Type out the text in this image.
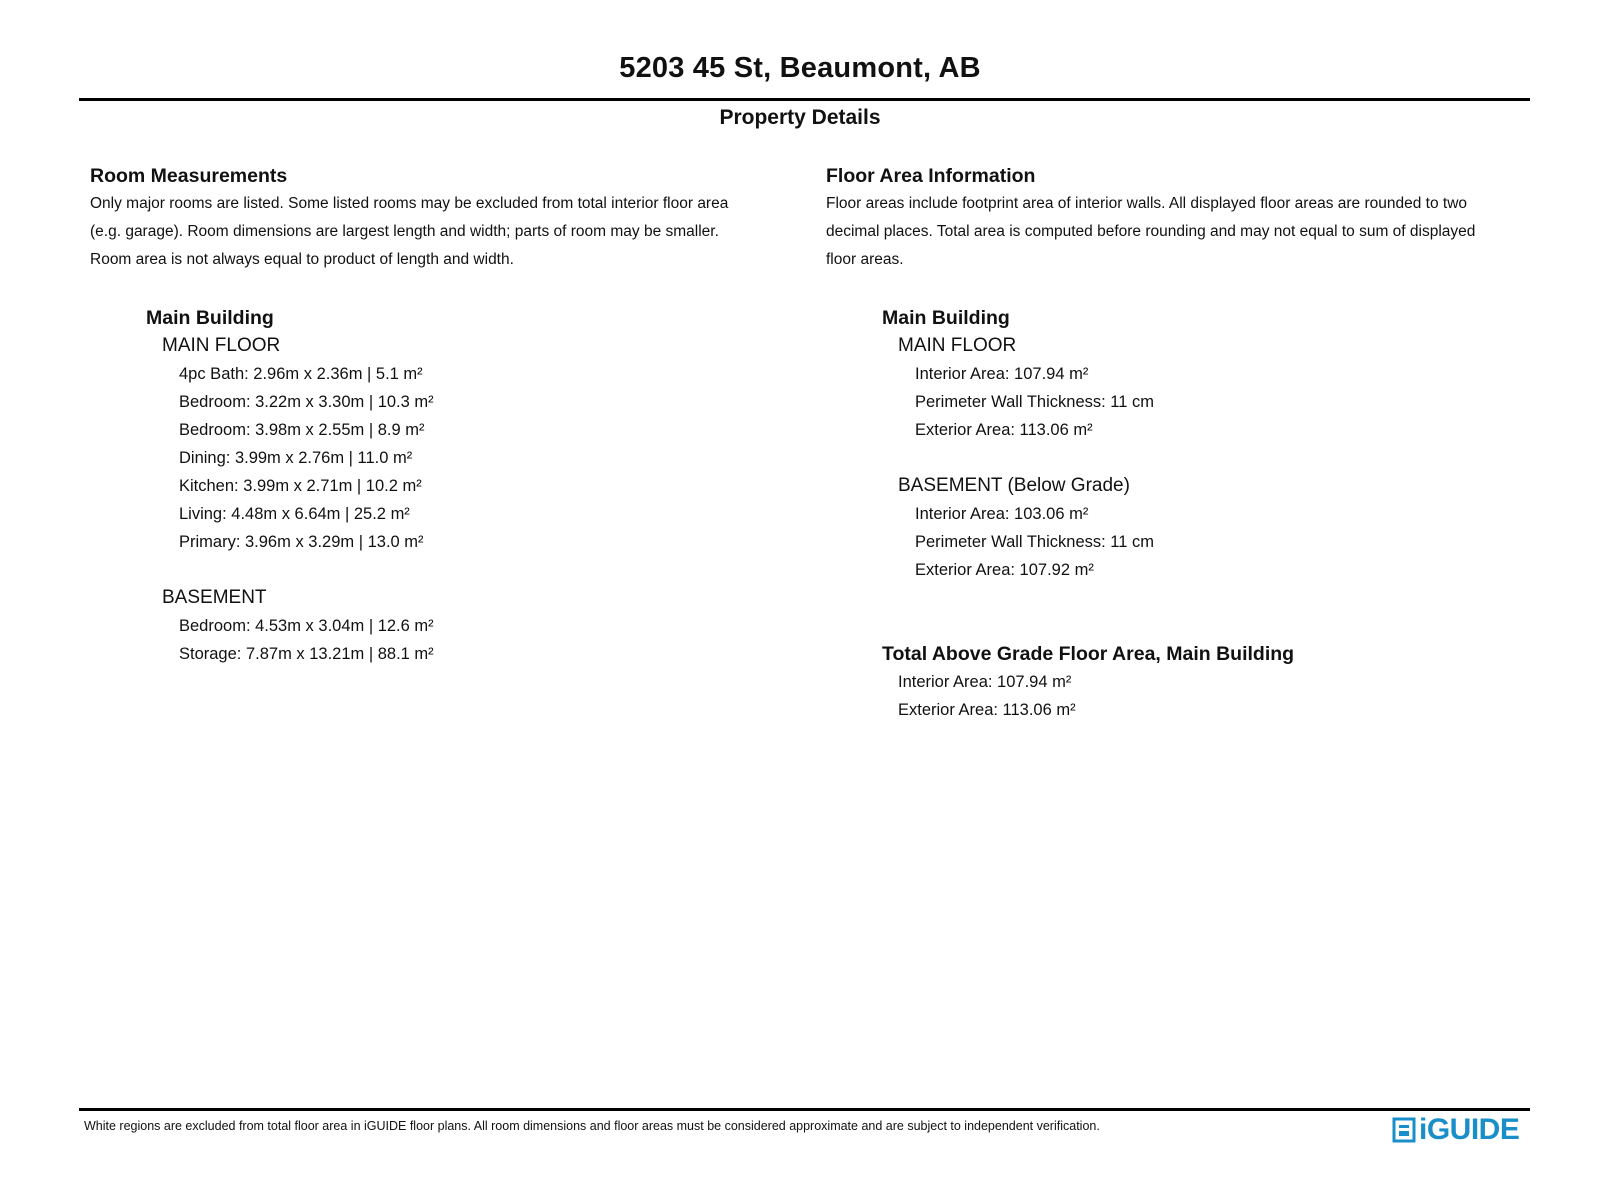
5203 45 St, Beaumont, AB
Property Details
Room Measurements

Only major rooms are listed. Some listed rooms may be excluded from total interior floor area

(e.g. garage). Room dimensions are largest length and width; parts of room may be smaller.

Room area is not always equal to product of length and width.

Main Building
MAIN FLOOR
4pc Bath: 2.96m x 2.36m | 5.1 m²
Bedroom: 3.22m x 3.30m | 10.3 m²
Bedroom: 3.98m x 2.55m | 8.9 m²
Dining: 3.99m x 2.76m | 11.0 m²
Kitchen: 3.99m x 2.71m | 10.2 m²
Living: 4.48m x 6.64m | 25.2 m²
Primary: 3.96m x 3.29m | 13.0 m²
BASEMENT
Bedroom: 4.53m x 3.04m | 12.6 m²
Storage: 7.87m x 13.21m | 88.1 m²
Floor Area Information

Floor areas include footprint area of interior walls. All displayed floor areas are rounded to two

decimal places. Total area is computed before rounding and may not equal to sum of displayed

floor areas.

Main Building
MAIN FLOOR
Interior Area: 107.94 m²
Perimeter Wall Thickness: 11 cm
Exterior Area: 113.06 m²
BASEMENT (Below Grade)
Interior Area: 103.06 m²
Perimeter Wall Thickness: 11 cm
Exterior Area: 107.92 m²
Total Above Grade Floor Area, Main Building
Interior Area: 107.94 m²
Exterior Area: 113.06 m²
White regions are excluded from total floor area in iGUIDE floor plans. All room dimensions and floor areas must be considered approximate and are subject to independent verification.	iGUIDE
